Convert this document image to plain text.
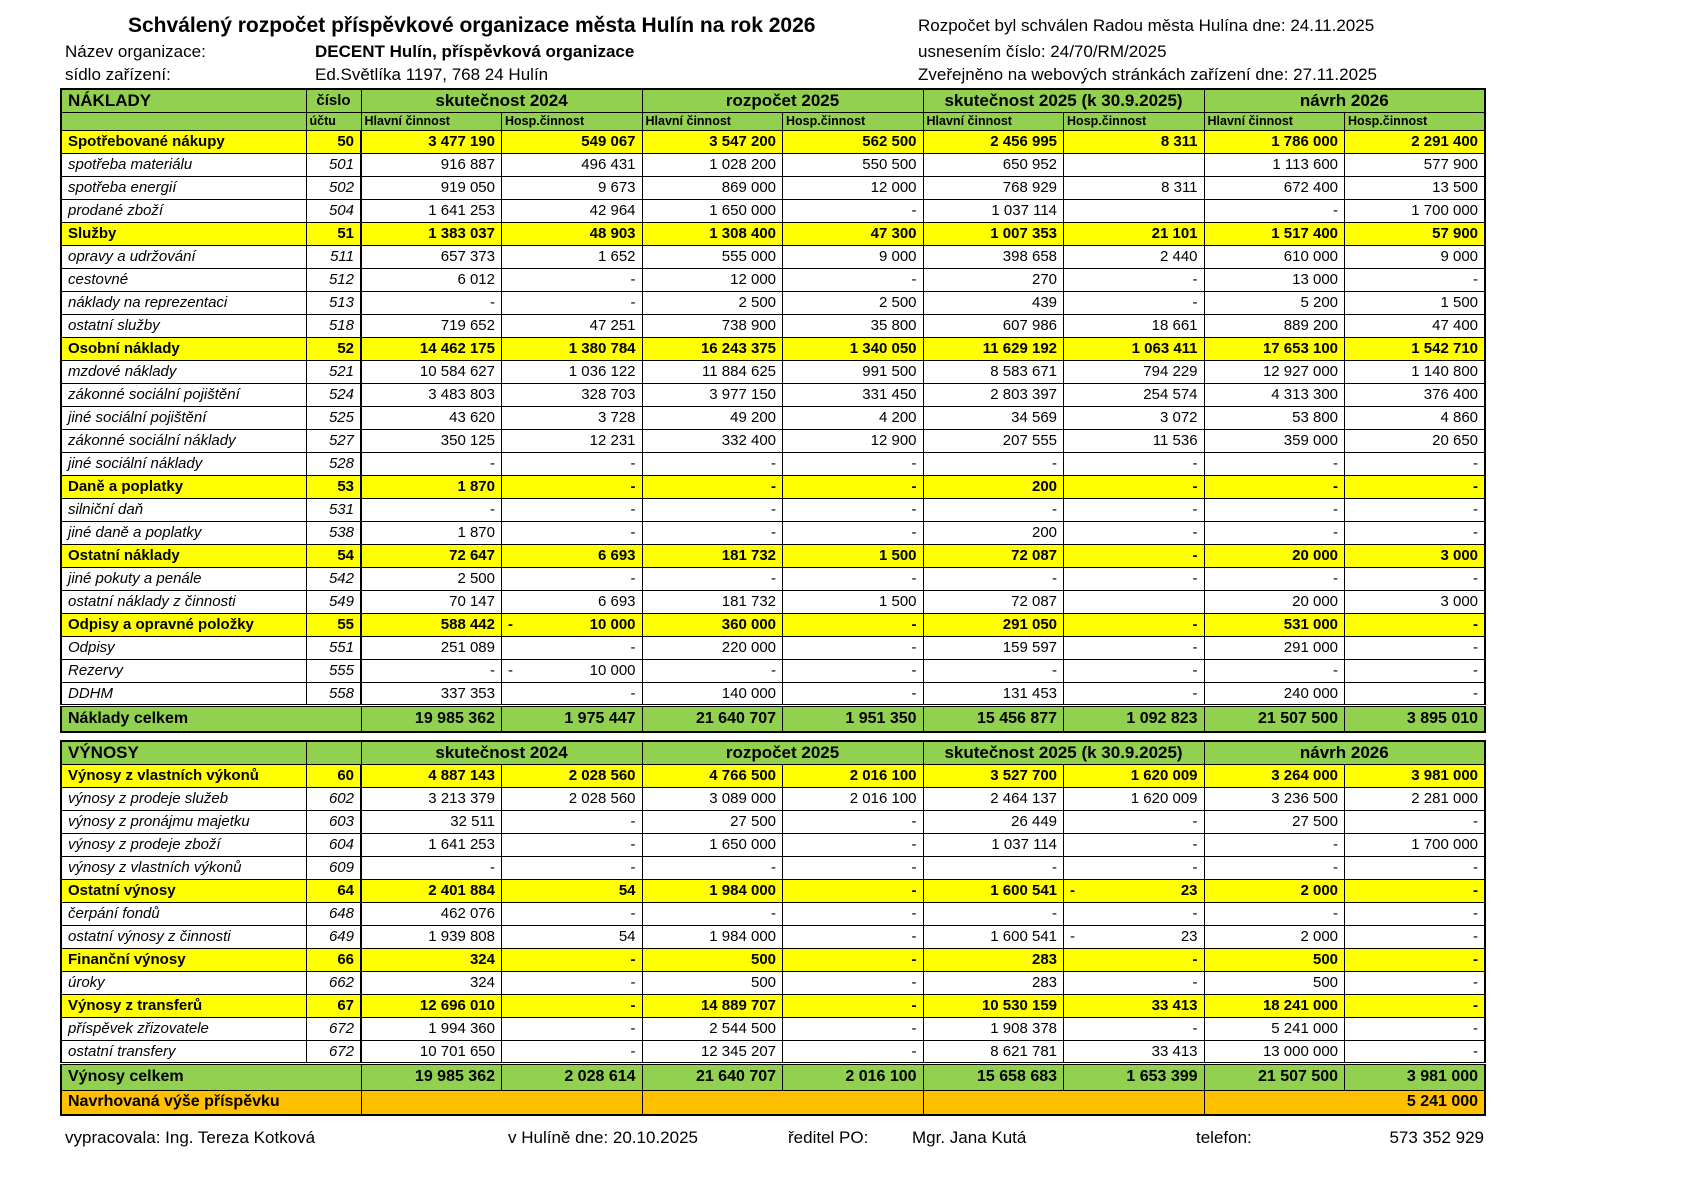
Schválený rozpočet příspěvkové organizace města Hulín na rok 2026	Rozpočet byl schválen Radou města Hulína dne: 24.11.2025
Název organizace:	DECENT Hulín, příspěvková organizace	usnesením číslo: 24/70/RM/2025
sídlo zařízení:	Ed.Světlíka 1197, 768 24 Hulín	Zveřejněno na webových stránkách zařízení dne: 27.11.2025
NÁKLADY	číslo	skutečnost 2024		rozpočet 2025		skutečnost 2025 (k 30.9.2025)		návrh 2026	
	účtu	Hlavní činnost	Hosp.činnost	Hlavní činnost	Hosp.činnost	Hlavní činnost	Hosp.činnost	Hlavní činnost	Hosp.činnost
Spotřebované nákupy	50	3 477 190	549 067	3 547 200	562 500	2 456 995	8 311	1 786 000	2 291 400
spotřeba materiálu	501	916 887	496 431	1 028 200	550 500	650 952		1 113 600	577 900
spotřeba energií	502	919 050	9 673	869 000	12 000	768 929	8 311	672 400	13 500
prodané zboží	504	1 641 253	42 964	1 650 000	-	1 037 114		-	1 700 000
Služby	51	1 383 037	48 903	1 308 400	47 300	1 007 353	21 101	1 517 400	57 900
opravy a udržování	511	657 373	1 652	555 000	9 000	398 658	2 440	610 000	9 000
cestovné	512	6 012	-	12 000	-	270	-	13 000	-
náklady na reprezentaci	513	-	-	2 500	2 500	439	-	5 200	1 500
ostatní služby	518	719 652	47 251	738 900	35 800	607 986	18 661	889 200	47 400
Osobní náklady	52	14 462 175	1 380 784	16 243 375	1 340 050	11 629 192	1 063 411	17 653 100	1 542 710
mzdové náklady	521	10 584 627	1 036 122	11 884 625	991 500	8 583 671	794 229	12 927 000	1 140 800
zákonné sociální pojištění	524	3 483 803	328 703	3 977 150	331 450	2 803 397	254 574	4 313 300	376 400
jiné sociální pojištění	525	43 620	3 728	49 200	4 200	34 569	3 072	53 800	4 860
zákonné sociální náklady	527	350 125	12 231	332 400	12 900	207 555	11 536	359 000	20 650
jiné sociální náklady	528	-	-	-	-	-	-	-	-
Daně a poplatky	53	1 870	-	-	-	200	-	-	-
silniční daň	531	-	-	-	-	-	-	-	-
jiné daně a poplatky	538	1 870	-	-	-	200	-	-	-
Ostatní náklady	54	72 647	6 693	181 732	1 500	72 087	-	20 000	3 000
jiné pokuty a penále	542	2 500	-	-	-	-	-	-	-
ostatní náklady z činnosti	549	70 147	6 693	181 732	1 500	72 087		20 000	3 000
Odpisy a opravné položky	55	588 442	- 10 000	360 000	-	291 050	-	531 000	-
Odpisy	551	251 089	-	220 000	-	159 597	-	291 000	-
Rezervy	555	-	- 10 000	-	-	-	-	-	-
DDHM	558	337 353	-	140 000	-	131 453	-	240 000	-
Náklady celkem		19 985 362	1 975 447	21 640 707	1 951 350	15 456 877	1 092 823	21 507 500	3 895 010
VÝNOSY		skutečnost 2024		rozpočet 2025		skutečnost 2025 (k 30.9.2025)		návrh 2026	
Výnosy z vlastních výkonů	60	4 887 143	2 028 560	4 766 500	2 016 100	3 527 700	1 620 009	3 264 000	3 981 000
výnosy z prodeje služeb	602	3 213 379	2 028 560	3 089 000	2 016 100	2 464 137	1 620 009	3 236 500	2 281 000
výnosy z pronájmu majetku	603	32 511	-	27 500	-	26 449	-	27 500	-
výnosy z prodeje zboží	604	1 641 253	-	1 650 000	-	1 037 114	-	-	1 700 000
výnosy z vlastních výkonů	609	-	-	-	-	-	-	-	-
Ostatní výnosy	64	2 401 884	54	1 984 000	-	1 600 541	- 23	2 000	-
čerpání fondů	648	462 076	-	-	-	-	-	-	-
ostatní výnosy z činnosti	649	1 939 808	54	1 984 000	-	1 600 541	- 23	2 000	-
Finanční výnosy	66	324	-	500	-	283	-	500	-
úroky	662	324	-	500	-	283	-	500	-
Výnosy z transferů	67	12 696 010	-	14 889 707	-	10 530 159	33 413	18 241 000	-
příspěvek zřizovatele	672	1 994 360	-	2 544 500	-	1 908 378	-	5 241 000	-
ostatní transfery	672	10 701 650	-	12 345 207	-	8 621 781	33 413	13 000 000	-
Výnosy celkem		19 985 362	2 028 614	21 640 707	2 016 100	15 658 683	1 653 399	21 507 500	3 981 000
Navrhovaná výše příspěvku								5 241 000	
vypracovala: Ing. Tereza Kotková	v Hulíně dne: 20.10.2025	ředitel PO:	Mgr. Jana Kutá	telefon:	573 352 929
